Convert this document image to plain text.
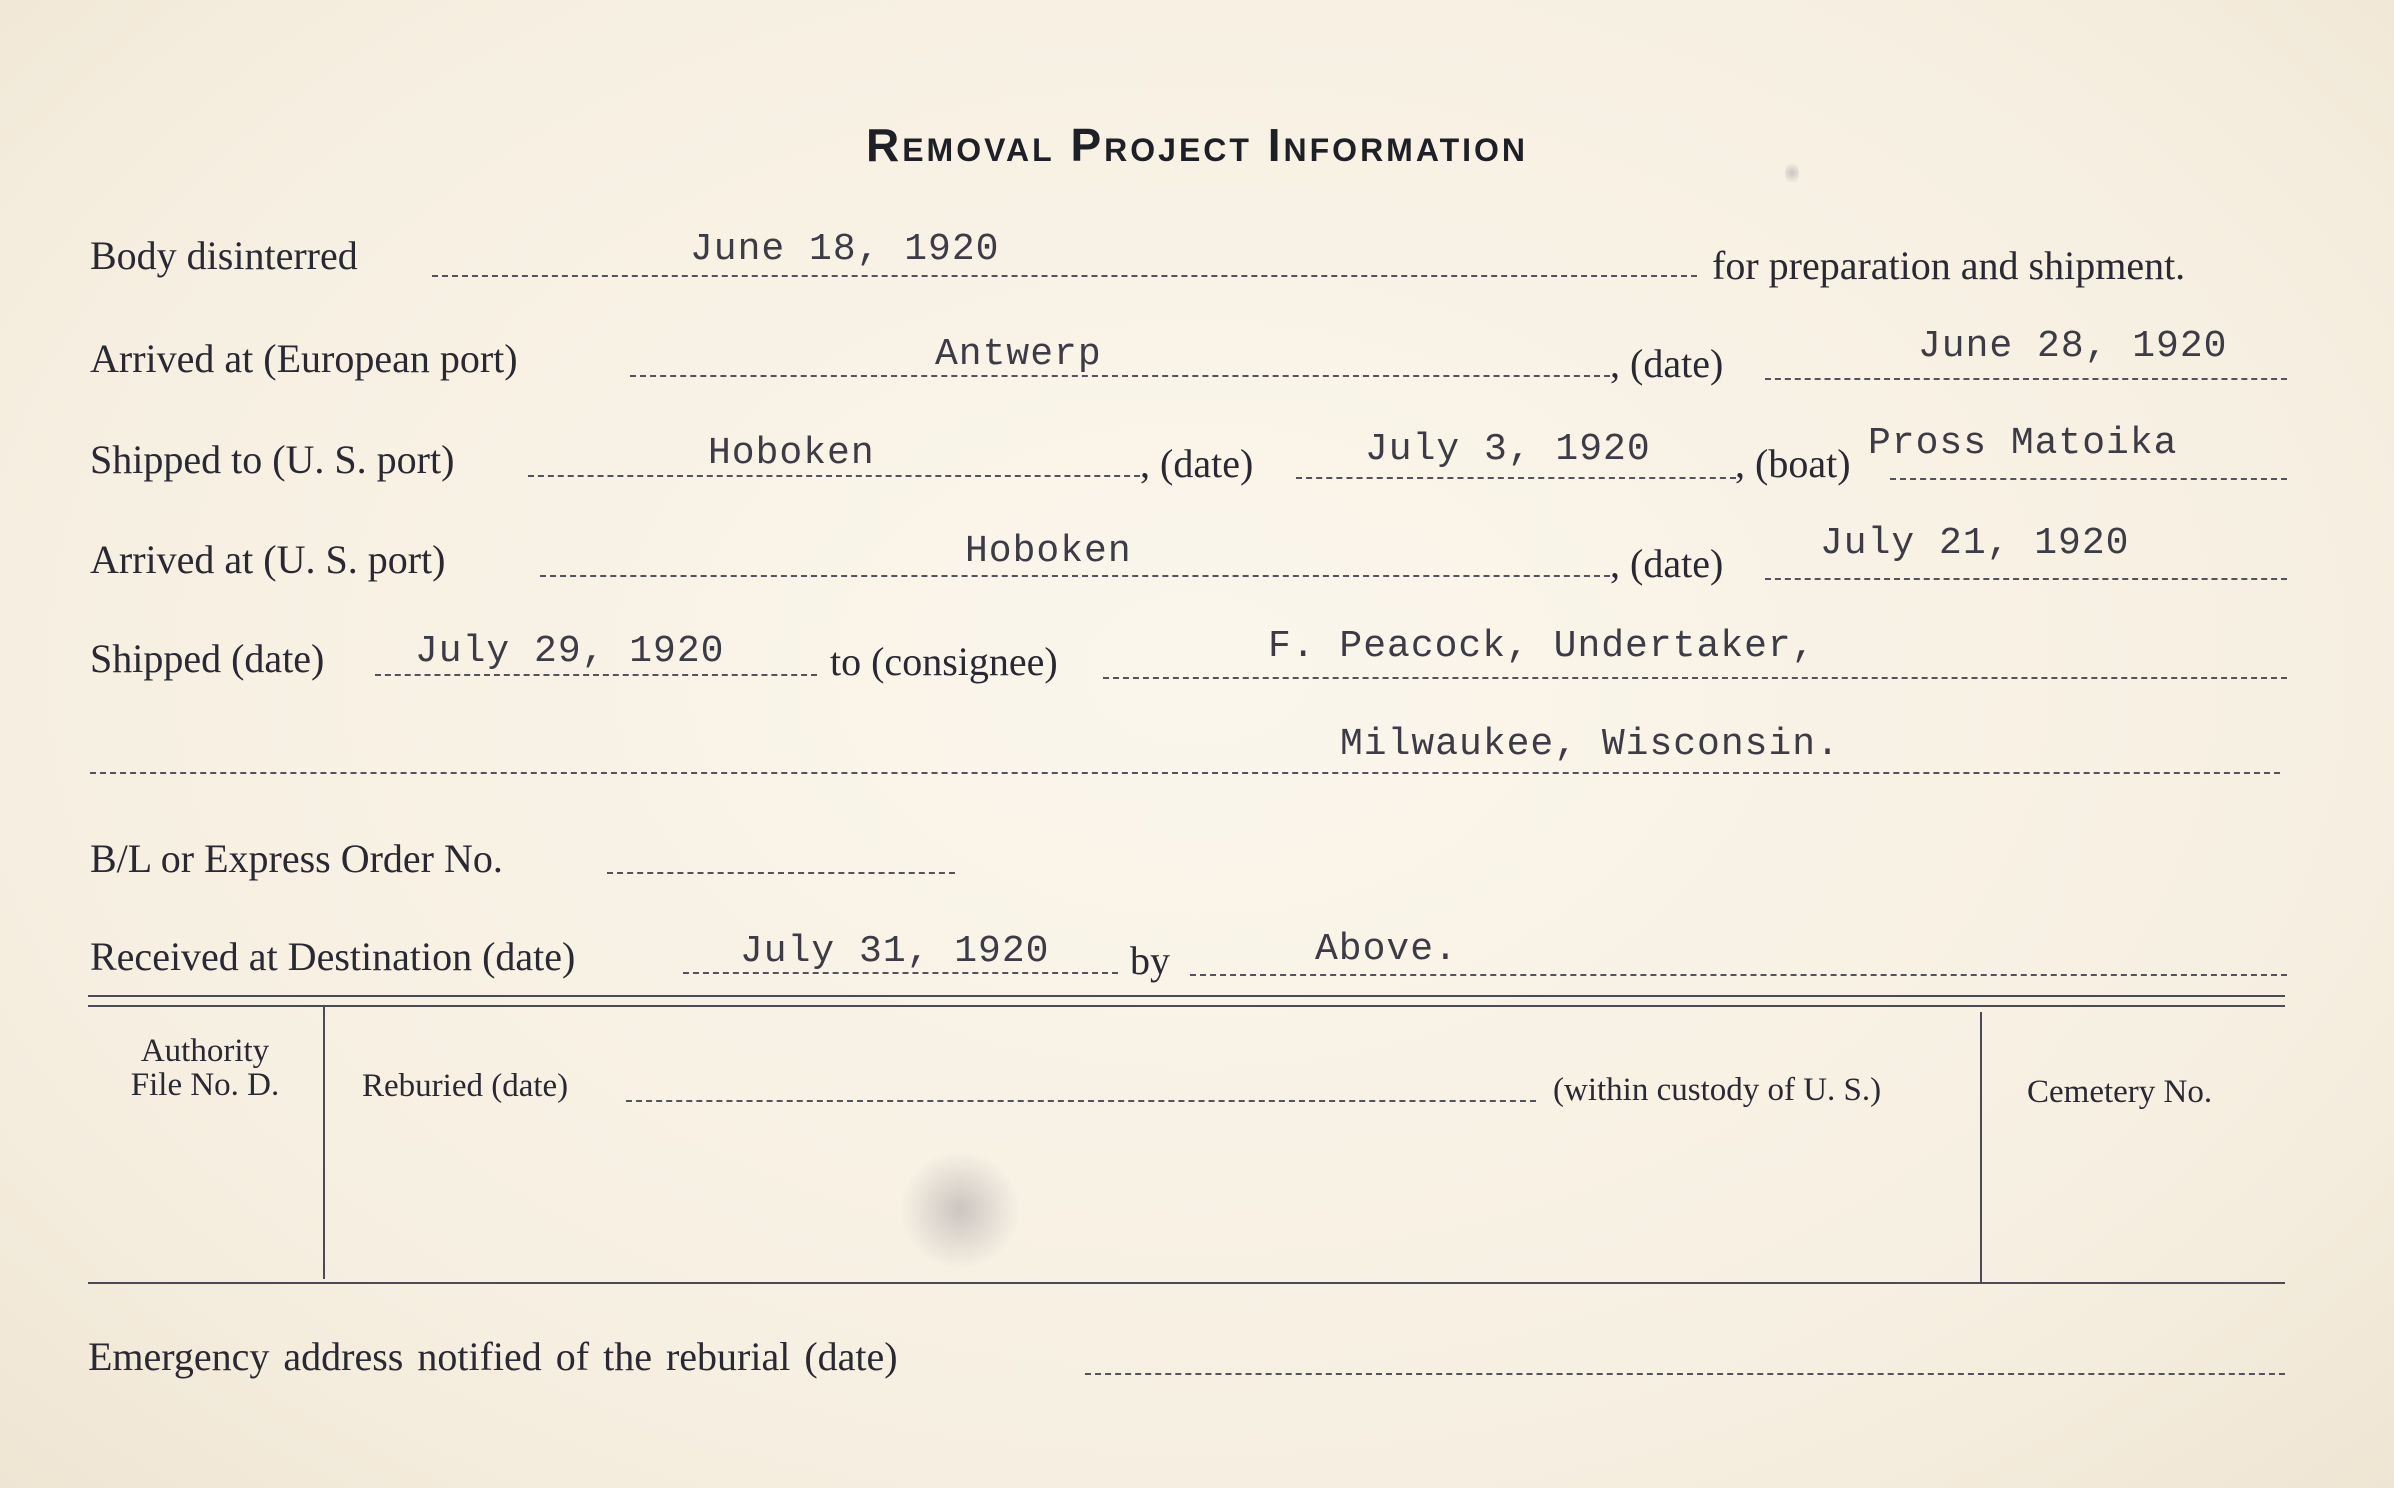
Removal Project Information
Body disinterred	June 18, 1920	for preparation and shipment.
Arrived at (European port)	Antwerp	, (date)	June 28, 1920
Shipped to (U. S. port)	Hoboken	, (date)	July 3, 1920 , (boat) Pross Matoika
Arrived at (U. S. port)	Hoboken	, (date)	July 21, 1920
Shipped (date) July 29, 1920	to (consignee)	F. Peacock, Undertaker,
Milwaukee, Wisconsin.
B/L or Express Order No.
Received at Destination (date)	July 31, 1920 by	Above.
Authority
File No. D.	Reburied (date)	(within custody of U. S.)	Cemetery No.
Emergency address notified of the reburial (date)
